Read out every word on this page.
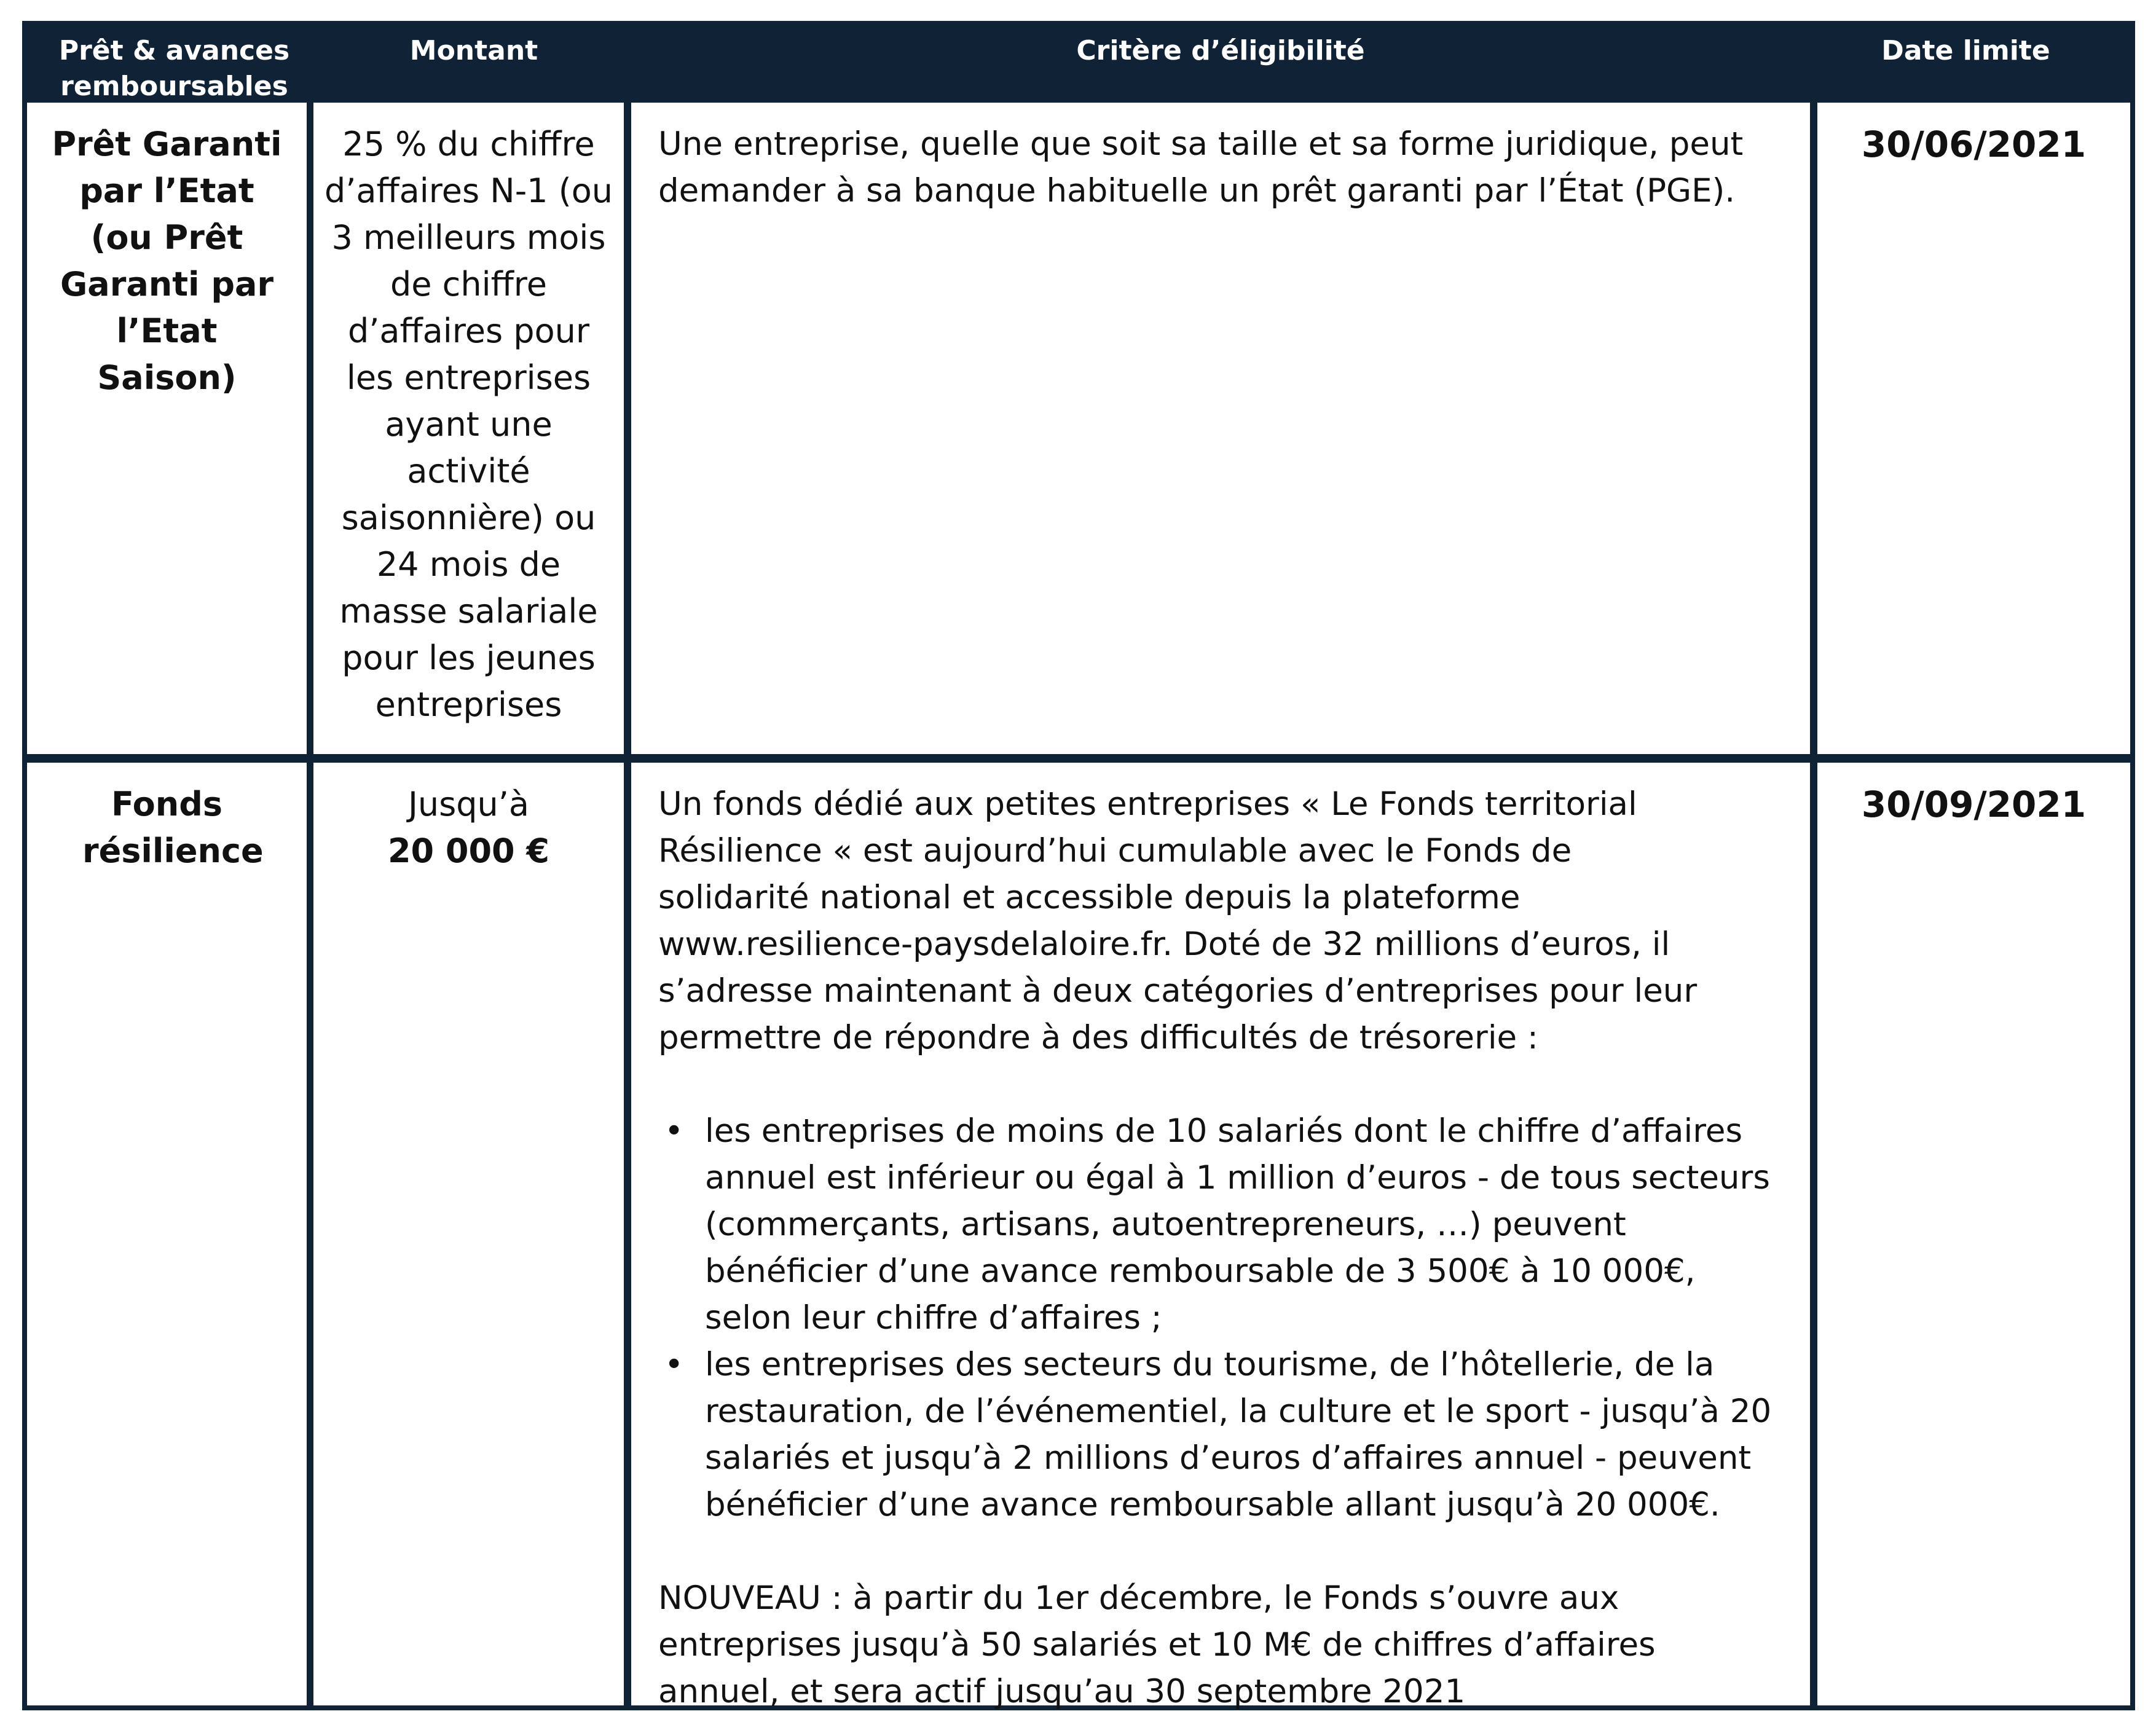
Prêt & avances remboursables
Montant	Critère d’éligibilité	Date limite
Prêt Garanti par l’Etat (ou Prêt Garanti par l’Etat Saison)
25 % du chiffre d’affaires N-1 (ou 3 meilleurs mois de chiffre d’affaires pour les entreprises ayant une activité saisonnière) ou 24 mois de masse salariale pour les jeunes entreprises

Une entreprise, quelle que soit sa taille et sa forme juridique, peut demander à sa banque habituelle un prêt garanti par l’État (PGE).

30/06/2021
Fonds résilience
Jusqu’à
20 000 €

Un fonds dédié aux petites entreprises « Le Fonds territorial Résilience « est aujourd’hui cumulable avec le Fonds de solidarité national et accessible depuis la plateforme www.resilience-paysdelaloire.fr. Doté de 32 millions d’euros, il s’adresse maintenant à deux catégories d’entreprises pour leur permettre de répondre à des difficultés de trésorerie :

• les entreprises de moins de 10 salariés dont le chiffre d’affaires annuel est inférieur ou égal à 1 million d’euros - de tous secteurs (commerçants, artisans, autoentrepreneurs, …) peuvent bénéficier d’une avance remboursable de 3 500€ à 10 000€, selon leur chiffre d’affaires ;
• les entreprises des secteurs du tourisme, de l’hôtellerie, de la restauration, de l’événementiel, la culture et le sport - jusqu’à 20 salariés et jusqu’à 2 millions d’euros d’affaires annuel - peuvent bénéficier d’une avance remboursable allant jusqu’à 20 000€.

NOUVEAU : à partir du 1er décembre, le Fonds s’ouvre aux entreprises jusqu’à 50 salariés et 10 M€ de chiffres d’affaires annuel, et sera actif jusqu’au 30 septembre 2021

30/09/2021
